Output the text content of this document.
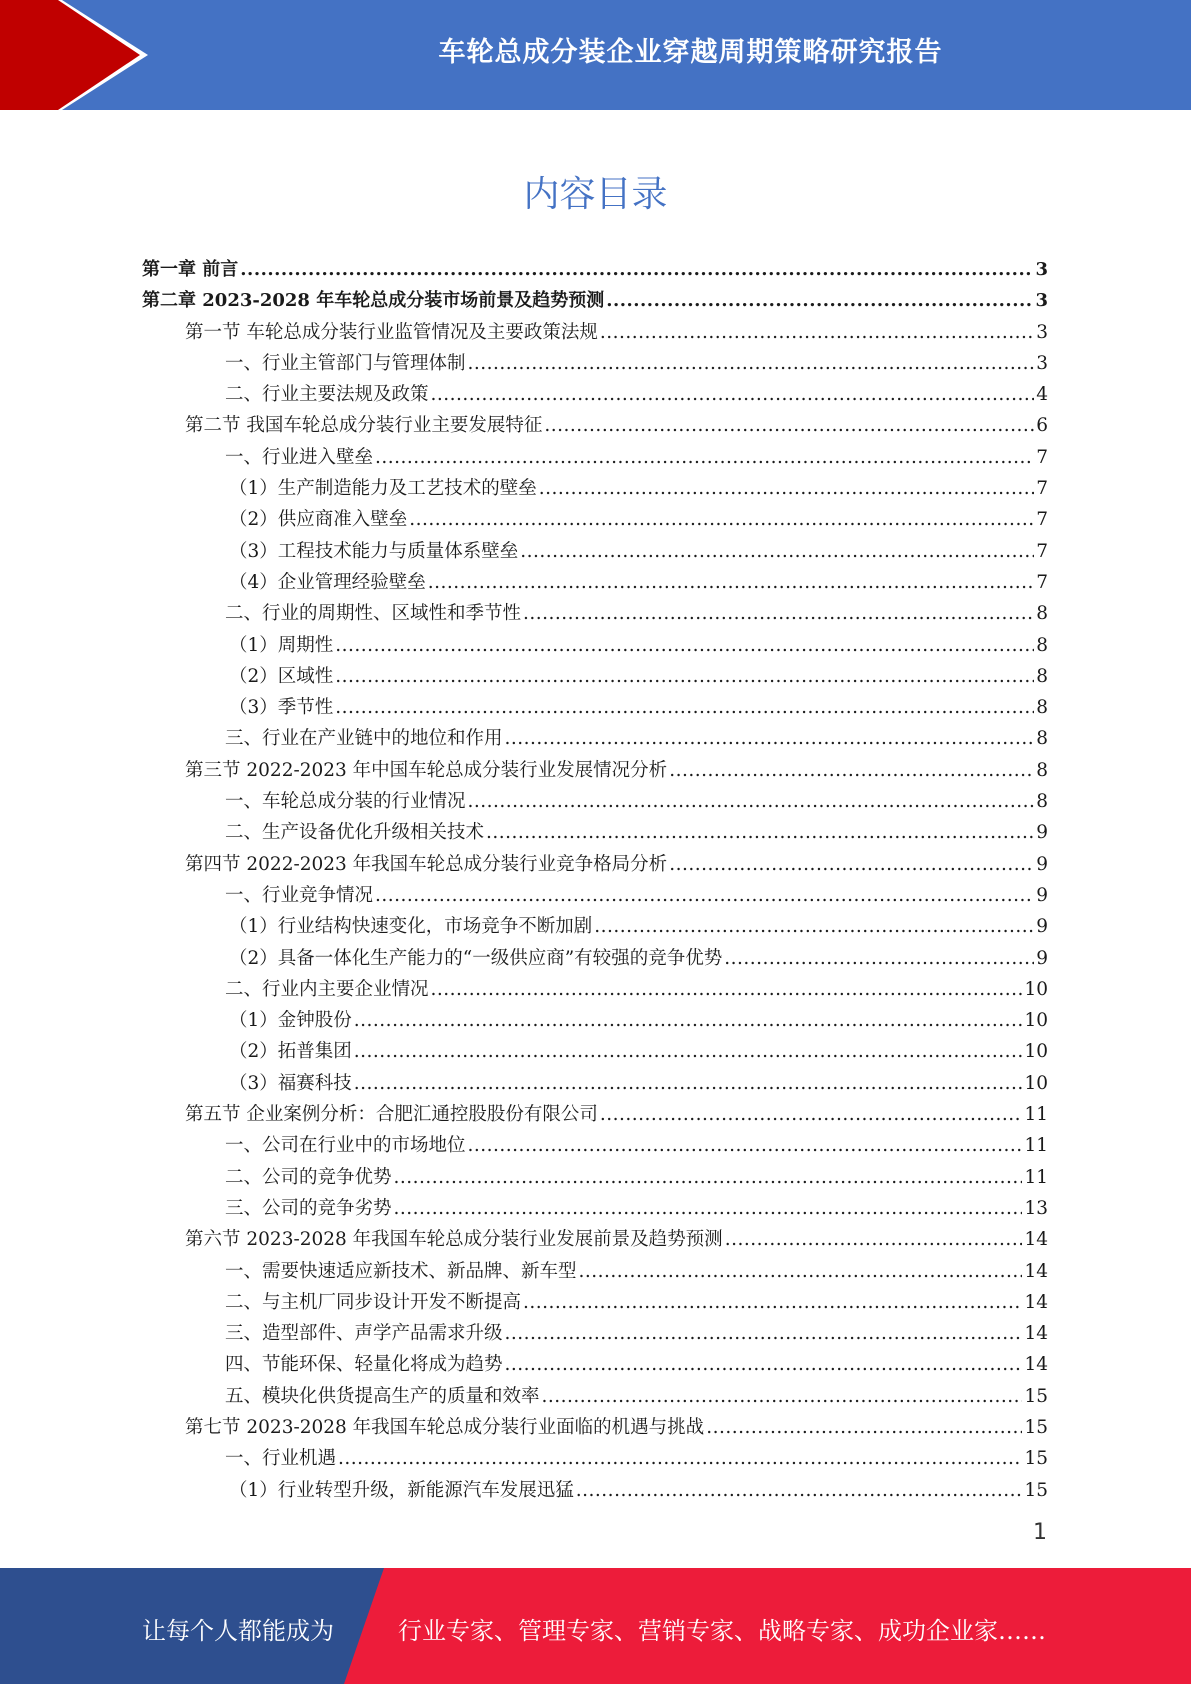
车轮总成分装企业穿越周期策略研究报告
内容目录
第一章 前言 .....	3
第二章 2023-2028 年车轮总成分装市场前景及趋势预测 .....	3
第一节 车轮总成分装行业监管情况及主要政策法规 .....	3
一、行业主管部门与管理体制 .....	3
二、行业主要法规及政策 .....	4
第二节 我国车轮总成分装行业主要发展特征 .....	6
一、行业进入壁垒 .....	7
（1）生产制造能力及工艺技术的壁垒 .....	7
（2）供应商准入壁垒 .....	7
（3）工程技术能力与质量体系壁垒 .....	7
（4）企业管理经验壁垒 .....	7
二、行业的周期性、区域性和季节性 .....	8
（1）周期性 .....	8
（2）区域性 .....	8
（3）季节性 .....	8
三、行业在产业链中的地位和作用 .....	8
第三节 2022-2023 年中国车轮总成分装行业发展情况分析 .....	8
一、车轮总成分装的行业情况 .....	8
二、生产设备优化升级相关技术 .....	9
第四节 2022-2023 年我国车轮总成分装行业竞争格局分析 .....	9
一、行业竞争情况 .....	9
（1）行业结构快速变化，市场竞争不断加剧 .....	9
（2）具备一体化生产能力的“一级供应商”有较强的竞争优势 .....	9
二、行业内主要企业情况 .....	10
（1）金钟股份 .....	10
（2）拓普集团 .....	10
（3）福赛科技 .....	10
第五节 企业案例分析：合肥汇通控股股份有限公司 .....	11
一、公司在行业中的市场地位 .....	11
二、公司的竞争优势 .....	11
三、公司的竞争劣势 .....	13
第六节 2023-2028 年我国车轮总成分装行业发展前景及趋势预测 .....	14
一、需要快速适应新技术、新品牌、新车型 .....	14
二、与主机厂同步设计开发不断提高 .....	14
三、造型部件、声学产品需求升级 .....	14
四、节能环保、轻量化将成为趋势 .....	14
五、模块化供货提高生产的质量和效率 .....	15
第七节 2023-2028 年我国车轮总成分装行业面临的机遇与挑战 .....	15
一、行业机遇 .....	15
（1）行业转型升级，新能源汽车发展迅猛 .....	15
1
让每个人都能成为	行业专家、管理专家、营销专家、战略专家、成功企业家……
